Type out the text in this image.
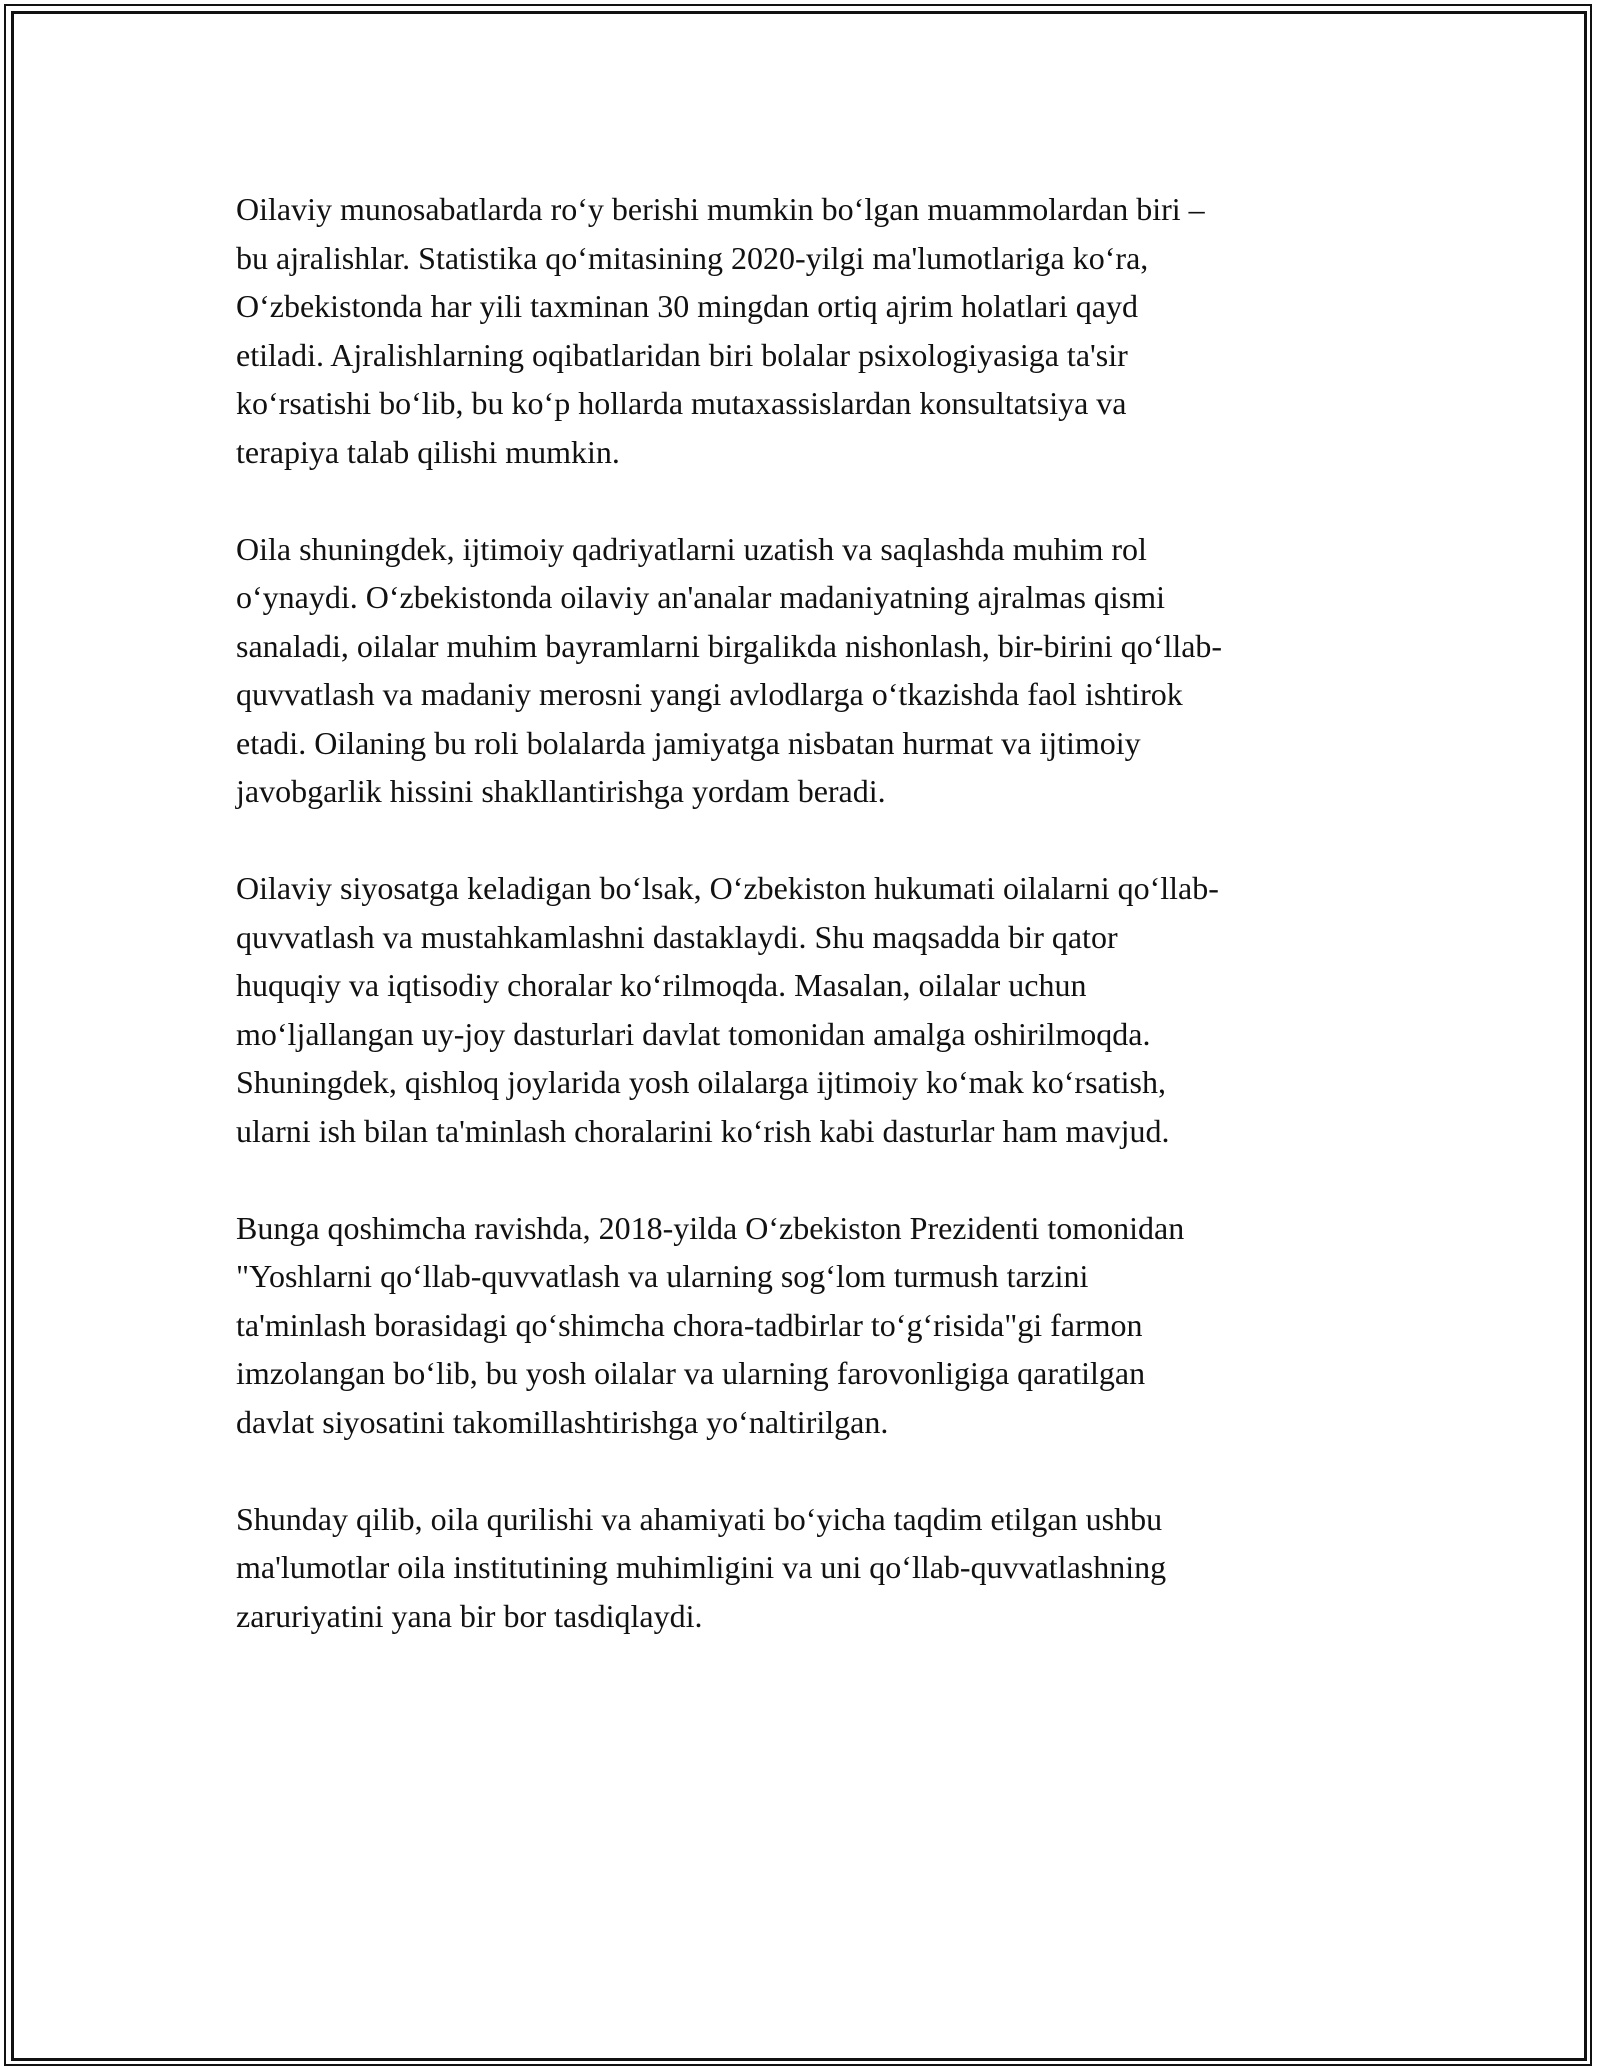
Oilaviy munosabatlarda ro‘y berishi mumkin bo‘lgan muammolardan biri –
bu ajralishlar. Statistika qo‘mitasining 2020-yilgi ma'lumotlariga ko‘ra,
O‘zbekistonda har yili taxminan 30 mingdan ortiq ajrim holatlari qayd
etiladi. Ajralishlarning oqibatlaridan biri bolalar psixologiyasiga ta'sir
ko‘rsatishi bo‘lib, bu ko‘p hollarda mutaxassislardan konsultatsiya va
terapiya talab qilishi mumkin.

Oila shuningdek, ijtimoiy qadriyatlarni uzatish va saqlashda muhim rol
o‘ynaydi. O‘zbekistonda oilaviy an'analar madaniyatning ajralmas qismi
sanaladi, oilalar muhim bayramlarni birgalikda nishonlash, bir-birini qo‘llab-
quvvatlash va madaniy merosni yangi avlodlarga o‘tkazishda faol ishtirok
etadi. Oilaning bu roli bolalarda jamiyatga nisbatan hurmat va ijtimoiy
javobgarlik hissini shakllantirishga yordam beradi.

Oilaviy siyosatga keladigan bo‘lsak, O‘zbekiston hukumati oilalarni qo‘llab-
quvvatlash va mustahkamlashni dastaklaydi. Shu maqsadda bir qator
huquqiy va iqtisodiy choralar ko‘rilmoqda. Masalan, oilalar uchun
mo‘ljallangan uy-joy dasturlari davlat tomonidan amalga oshirilmoqda.
Shuningdek, qishloq joylarida yosh oilalarga ijtimoiy ko‘mak ko‘rsatish,
ularni ish bilan ta'minlash choralarini ko‘rish kabi dasturlar ham mavjud.

Bunga qoshimcha ravishda, 2018-yilda O‘zbekiston Prezidenti tomonidan
"Yoshlarni qo‘llab-quvvatlash va ularning sog‘lom turmush tarzini
ta'minlash borasidagi qo‘shimcha chora-tadbirlar to‘g‘risida"gi farmon
imzolangan bo‘lib, bu yosh oilalar va ularning farovonligiga qaratilgan
davlat siyosatini takomillashtirishga yo‘naltirilgan.

Shunday qilib, oila qurilishi va ahamiyati bo‘yicha taqdim etilgan ushbu
ma'lumotlar oila institutining muhimligini va uni qo‘llab-quvvatlashning
zaruriyatini yana bir bor tasdiqlaydi.
